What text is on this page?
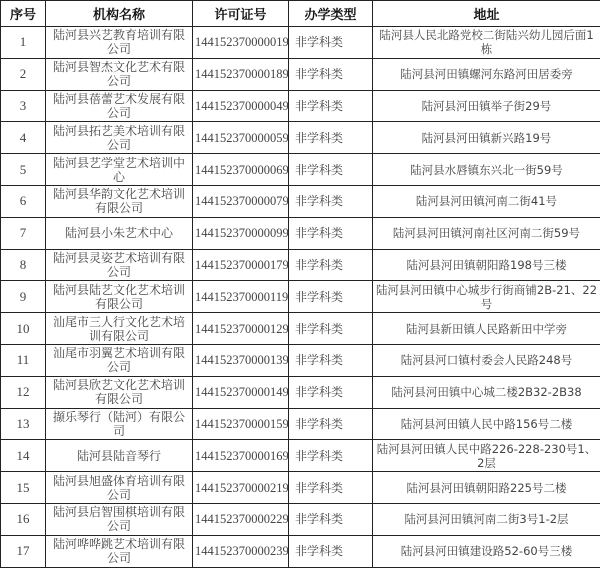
序号	机构名称	许可证号	办学类型	地址
1	陆河县兴艺教育培训有限公司	144152370000019	非学科类	陆河县人民北路党校二街陆兴幼儿园后面1栋
2	陆河县智杰文化艺术有限公司	144152370000189	非学科类	陆河县河田镇螺河东路河田居委旁
3	陆河县蓓蕾艺术发展有限公司	144152370000049	非学科类	陆河县河田镇举子街29号
4	陆河县拓艺美术培训有限公司	144152370000059	非学科类	陆河县河田镇新兴路19号
5	陆河县艺学堂艺术培训中心	144152370000069	非学科类	陆河县水唇镇东兴北一街59号
6	陆河县华韵文化艺术培训有限公司	144152370000079	非学科类	陆河县河田镇河南二街41号
7	陆河县小朱艺术中心	144152370000099	非学科类	陆河县河田镇河南社区河南二街59号
8	陆河县灵姿艺术培训有限公司	144152370000179	非学科类	陆河县河田镇朝阳路198号三楼
9	陆河县陆艺文化艺术培训有限公司	144152370000119	非学科类	陆河县河田镇中心城步行街商铺2B-21、22号
10	汕尾市三人行文化艺术培训有限公司	144152370000129	非学科类	陆河县新田镇人民路新田中学旁
11	汕尾市羽翼艺术培训有限公司	144152370000139	非学科类	陆河县河口镇村委会人民路248号
12	陆河县欣艺文化艺术培训有限公司	144152370000149	非学科类	陆河县河田镇中心城二楼2B32-2B38
13	撷乐琴行（陆河）有限公司	144152370000159	非学科类	陆河县河田镇人民中路156号二楼
14	陆河县陆音琴行	144152370000169	非学科类	陆河县河田镇人民中路226-228-230号1、2层
15	陆河县旭盛体育培训有限公司	144152370000219	非学科类	陆河县河田镇朝阳路225号二楼
16	陆河县启智围棋培训有限公司	144152370000229	非学科类	陆河县河田镇河南二街3号1-2层
17	陆河哗哗跳艺术培训有限公司	144152370000239	非学科类	陆河县河田镇建设路52-60号三楼
